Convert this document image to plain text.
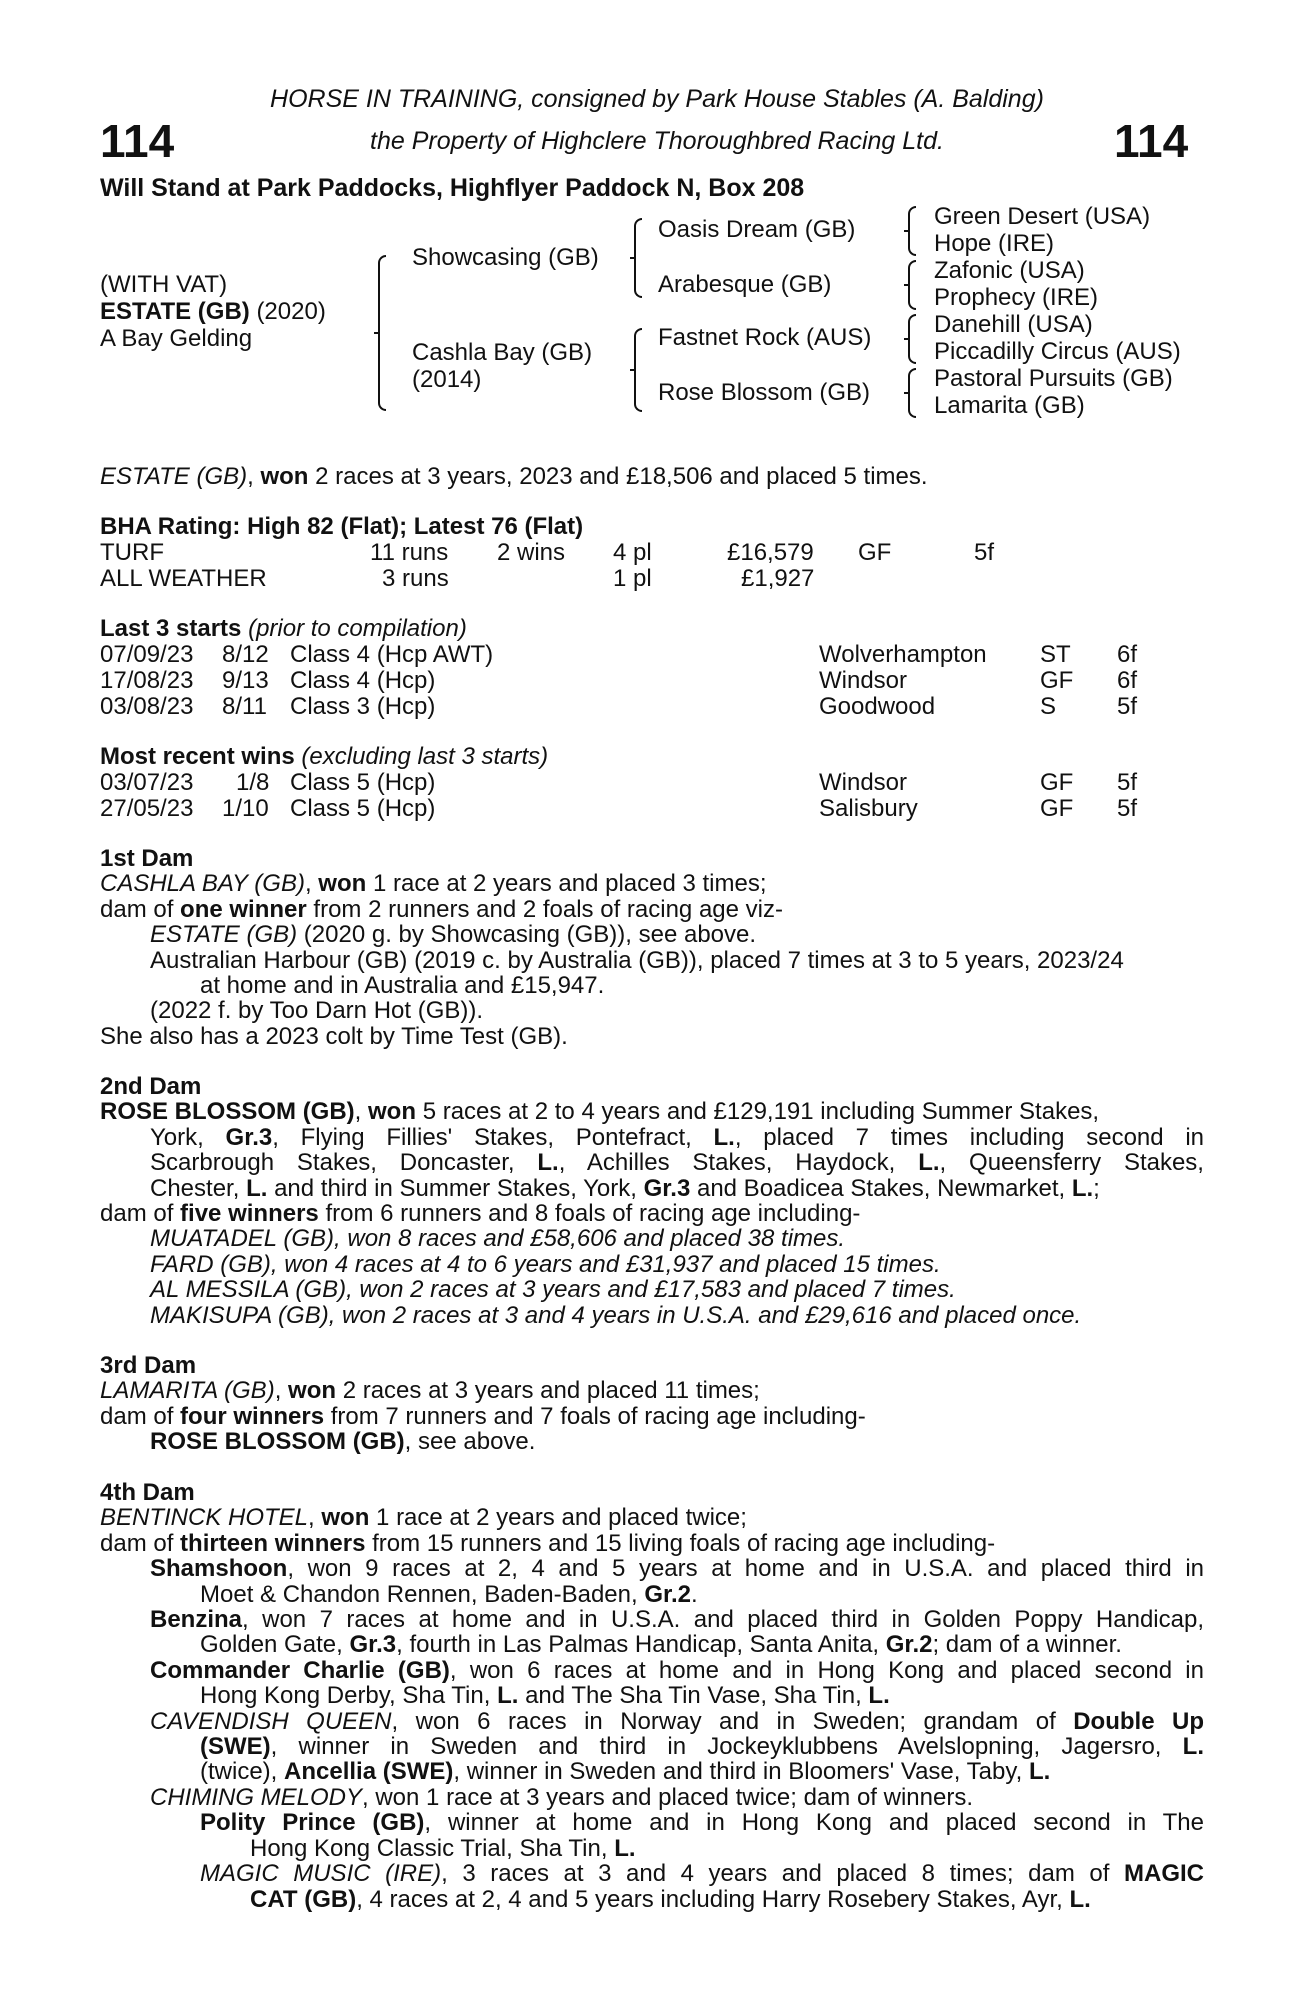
114	114
HORSE IN TRAINING, consigned by Park House Stables (A. Balding)
the Property of Highclere Thoroughbred Racing Ltd.
Will Stand at Park Paddocks, Highflyer Paddock N, Box 208
(WITH VAT)
ESTATE (GB) (2020)
A Bay Gelding
Showcasing (GB)
Cashla Bay (GB)
(2014)
Oasis Dream (GB)
Arabesque (GB)
Fastnet Rock (AUS)
Rose Blossom (GB)
Green Desert (USA)
Hope (IRE)
Zafonic (USA)
Prophecy (IRE)
Danehill (USA)
Piccadilly Circus (AUS)
Pastoral Pursuits (GB)
Lamarita (GB)
ESTATE (GB), won 2 races at 3 years, 2023 and £18,506 and placed 5 times.
BHA Rating: High 82 (Flat); Latest 76 (Flat)
TURF	11 runs 2 wins 4 pl	£16,579 GF	5f
ALL WEATHER	3 runs	1 pl	£1,927
Last 3 starts (prior to compilation)
07/09/23 8/12 Class 4 (Hcp AWT)	Wolverhampton ST 6f
17/08/23 9/13 Class 4 (Hcp)	Windsor	GF 6f
03/08/23 8/11 Class 3 (Hcp)	Goodwood	S	5f
Most recent wins (excluding last 3 starts)
03/07/23 1/8 Class 5 (Hcp)	Windsor	GF 5f
27/05/23 1/10 Class 5 (Hcp)	Salisbury	GF 5f
1st Dam
CASHLA BAY (GB), won 1 race at 2 years and placed 3 times;
dam of one winner from 2 runners and 2 foals of racing age viz-
ESTATE (GB) (2020 g. by Showcasing (GB)), see above.
Australian Harbour (GB) (2019 c. by Australia (GB)), placed 7 times at 3 to 5 years, 2023/24
at home and in Australia and £15,947.
(2022 f. by Too Darn Hot (GB)).
She also has a 2023 colt by Time Test (GB).
2nd Dam
ROSE BLOSSOM (GB), won 5 races at 2 to 4 years and £129,191 including Summer Stakes,
York, Gr.3, Flying Fillies' Stakes, Pontefract, L., placed 7 times including second in
Scarbrough Stakes, Doncaster, L., Achilles Stakes, Haydock, L., Queensferry Stakes,
Chester, L. and third in Summer Stakes, York, Gr.3 and Boadicea Stakes, Newmarket, L.;
dam of five winners from 6 runners and 8 foals of racing age including-
MUATADEL (GB), won 8 races and £58,606 and placed 38 times.
FARD (GB), won 4 races at 4 to 6 years and £31,937 and placed 15 times.
AL MESSILA (GB), won 2 races at 3 years and £17,583 and placed 7 times.
MAKISUPA (GB), won 2 races at 3 and 4 years in U.S.A. and £29,616 and placed once.
3rd Dam
LAMARITA (GB), won 2 races at 3 years and placed 11 times;
dam of four winners from 7 runners and 7 foals of racing age including-
ROSE BLOSSOM (GB), see above.
4th Dam
BENTINCK HOTEL, won 1 race at 2 years and placed twice;
dam of thirteen winners from 15 runners and 15 living foals of racing age including-
Shamshoon, won 9 races at 2, 4 and 5 years at home and in U.S.A. and placed third in
Moet & Chandon Rennen, Baden-Baden, Gr.2.
Benzina, won 7 races at home and in U.S.A. and placed third in Golden Poppy Handicap,
Golden Gate, Gr.3, fourth in Las Palmas Handicap, Santa Anita, Gr.2; dam of a winner.
Commander Charlie (GB), won 6 races at home and in Hong Kong and placed second in
Hong Kong Derby, Sha Tin, L. and The Sha Tin Vase, Sha Tin, L.
CAVENDISH QUEEN, won 6 races in Norway and in Sweden; grandam of Double Up
(SWE), winner in Sweden and third in Jockeyklubbens Avelslopning, Jagersro, L.
(twice), Ancellia (SWE), winner in Sweden and third in Bloomers' Vase, Taby, L.
CHIMING MELODY, won 1 race at 3 years and placed twice; dam of winners.
Polity Prince (GB), winner at home and in Hong Kong and placed second in The
Hong Kong Classic Trial, Sha Tin, L.
MAGIC MUSIC (IRE), 3 races at 3 and 4 years and placed 8 times; dam of MAGIC
CAT (GB), 4 races at 2, 4 and 5 years including Harry Rosebery Stakes, Ayr, L.
